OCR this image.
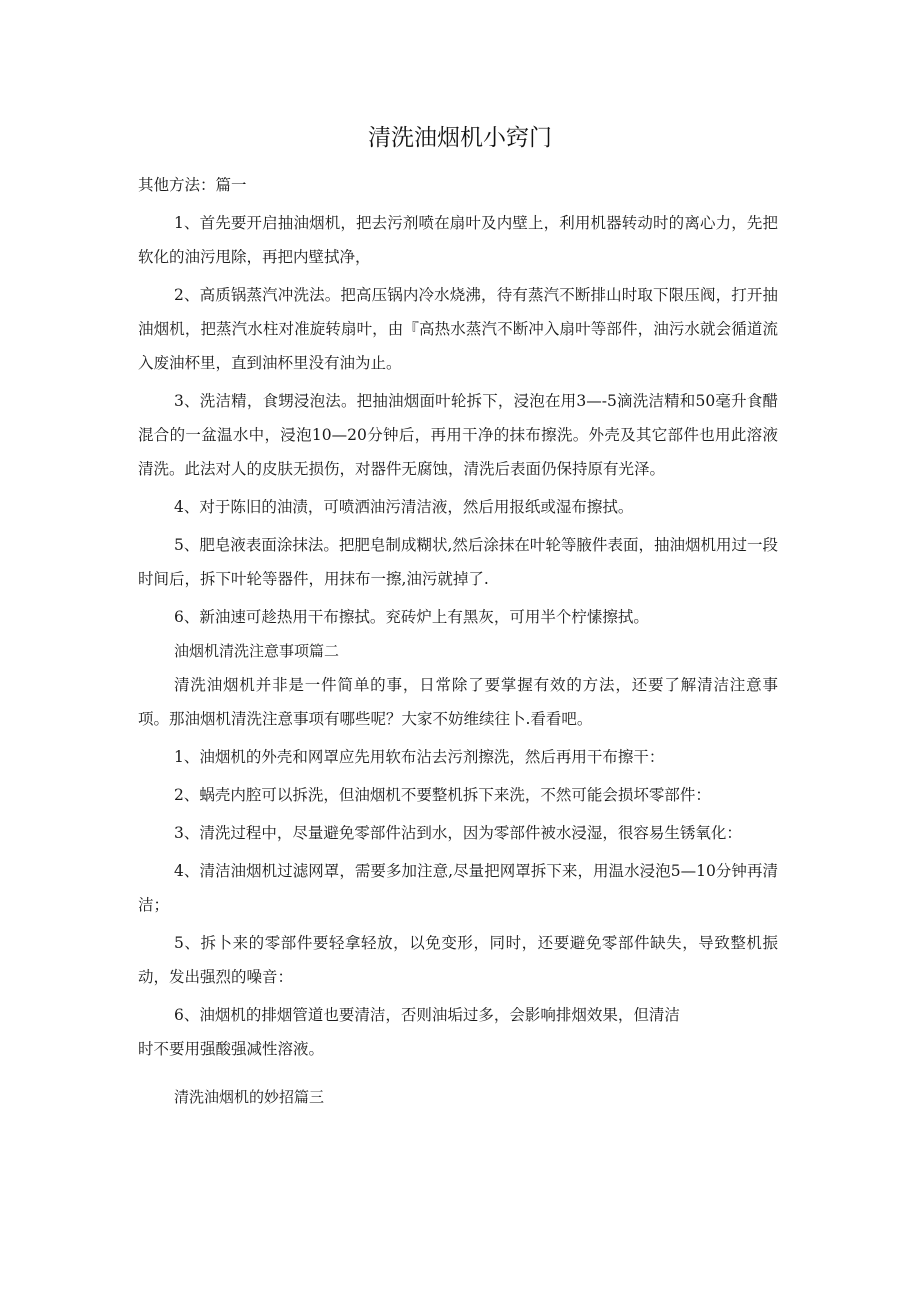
清洗油烟机小窍门

其他方法：篇一

1、首先要开启抽油烟机，把去污剂喷在扇叶及内壁上，利用机器转动时的离心力，先把软化的油污甩除，再把内壁拭净，

2、高质锅蒸汽冲洗法。把高压锅内冷水烧沸，待有蒸汽不断排山时取下限压阀，打开抽油烟机，把蒸汽水柱对准旋转扇叶，由『高热水蒸汽不断冲入扇叶等部件，油污水就会循道流入废油杯里，直到油杯里没有油为止。

3、洗洁精，食甥浸泡法。把抽油烟面叶轮拆下，浸泡在用3—-5滴洗洁精和50毫升食醋混合的一盆温水中，浸泡10—20分钟后，再用干净的抹布擦洗。外壳及其它部件也用此溶液清洗。此法对人的皮肤无损伤，对器件无腐蚀，清洗后表面仍保持原有光泽。

4、对于陈旧的油渍，可喷洒油污清洁液，然后用报纸或湿布擦拭。

5、肥皂液表面涂抹法。把肥皂制成糊状,然后涂抹在叶轮等腋件表面，抽油烟机用过一段时间后，拆下叶轮等器件，用抹布一擦,油污就掉了.

6、新油速可趁热用干布擦拭。兖砖炉上有黑灰，可用半个柠愫擦拭。

油烟机清洗注意事项篇二

清洗油烟机并非是一件简单的事，日常除了要掌握有效的方法，还要了解清洁注意事项。那油烟机清洗注意事项有哪些呢？大家不妨维续往卜.看看吧。

1、油烟机的外壳和网罩应先用软布沾去污剂擦洗，然后再用干布擦干：

2、蜗壳内腔可以拆洗，但油烟机不要整机拆下来洗，不然可能会损坏零部件：

3、清洗过程中，尽量避免零部件沾到水，因为零部件被水浸湿，很容易生锈氧化：

4、清洁油烟机过滤网罩，需要多加注意,尽量把网罩拆下来，用温水浸泡5—10分钟再清洁；

5、拆卜来的零部件要轻拿轻放，以免变形，同时，还要避免零部件缺失，导致整机振动，发出强烈的噪音：

6、油烟机的排烟管道也要清洁，否则油垢过多，会影响排烟效果，但清洁

时不要用强酸强减性溶液。

清洗油烟机的妙招篇三
